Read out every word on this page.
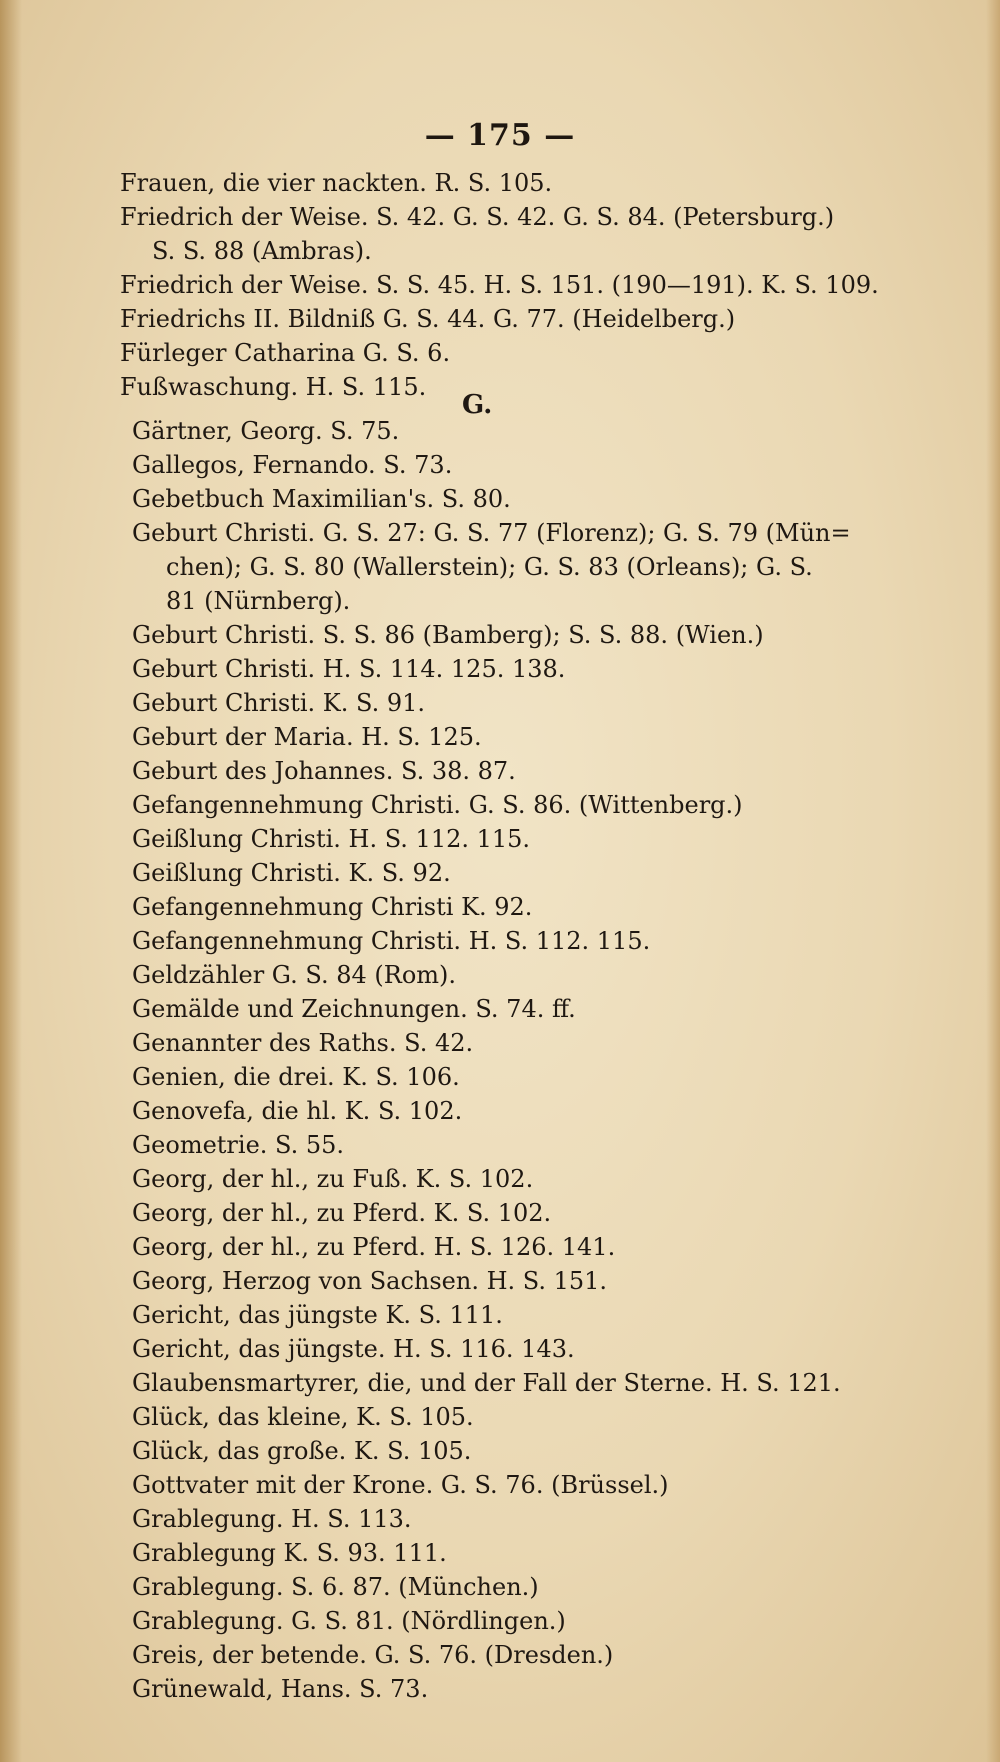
— 175 —
Frauen, die vier nackten. R. S. 105.
Friedrich der Weise. S. 42. G. S. 42. G. S. 84. (Petersburg.)
S. S. 88 (Ambras).
Friedrich der Weise. S. S. 45. H. S. 151. (190—191). K. S. 109.
Friedrichs II. Bildniß G. S. 44. G. 77. (Heidelberg.)
Fürleger Catharina G. S. 6.
Fußwaschung. H. S. 115.
G.
Gärtner, Georg. S. 75.
Gallegos, Fernando. S. 73.
Gebetbuch Maximilian's. S. 80.
Geburt Christi. G. S. 27: G. S. 77 (Florenz); G. S. 79 (Mün=
chen); G. S. 80 (Wallerstein); G. S. 83 (Orleans); G. S.
81 (Nürnberg).
Geburt Christi. S. S. 86 (Bamberg); S. S. 88. (Wien.)
Geburt Christi. H. S. 114. 125. 138.
Geburt Christi. K. S. 91.
Geburt der Maria. H. S. 125.
Geburt des Johannes. S. 38. 87.
Gefangennehmung Christi. G. S. 86. (Wittenberg.)
Geißlung Christi. H. S. 112. 115.
Geißlung Christi. K. S. 92.
Gefangennehmung Christi K. 92.
Gefangennehmung Christi. H. S. 112. 115.
Geldzähler G. S. 84 (Rom).
Gemälde und Zeichnungen. S. 74. ff.
Genannter des Raths. S. 42.
Genien, die drei. K. S. 106.
Genovefa, die hl. K. S. 102.
Geometrie. S. 55.
Georg, der hl., zu Fuß. K. S. 102.
Georg, der hl., zu Pferd. K. S. 102.
Georg, der hl., zu Pferd. H. S. 126. 141.
Georg, Herzog von Sachsen. H. S. 151.
Gericht, das jüngste K. S. 111.
Gericht, das jüngste. H. S. 116. 143.
Glaubensmartyrer, die, und der Fall der Sterne. H. S. 121.
Glück, das kleine, K. S. 105.
Glück, das große. K. S. 105.
Gottvater mit der Krone. G. S. 76. (Brüssel.)
Grablegung. H. S. 113.
Grablegung K. S. 93. 111.
Grablegung. S. 6. 87. (München.)
Grablegung. G. S. 81. (Nördlingen.)
Greis, der betende. G. S. 76. (Dresden.)
Grünewald, Hans. S. 73.
